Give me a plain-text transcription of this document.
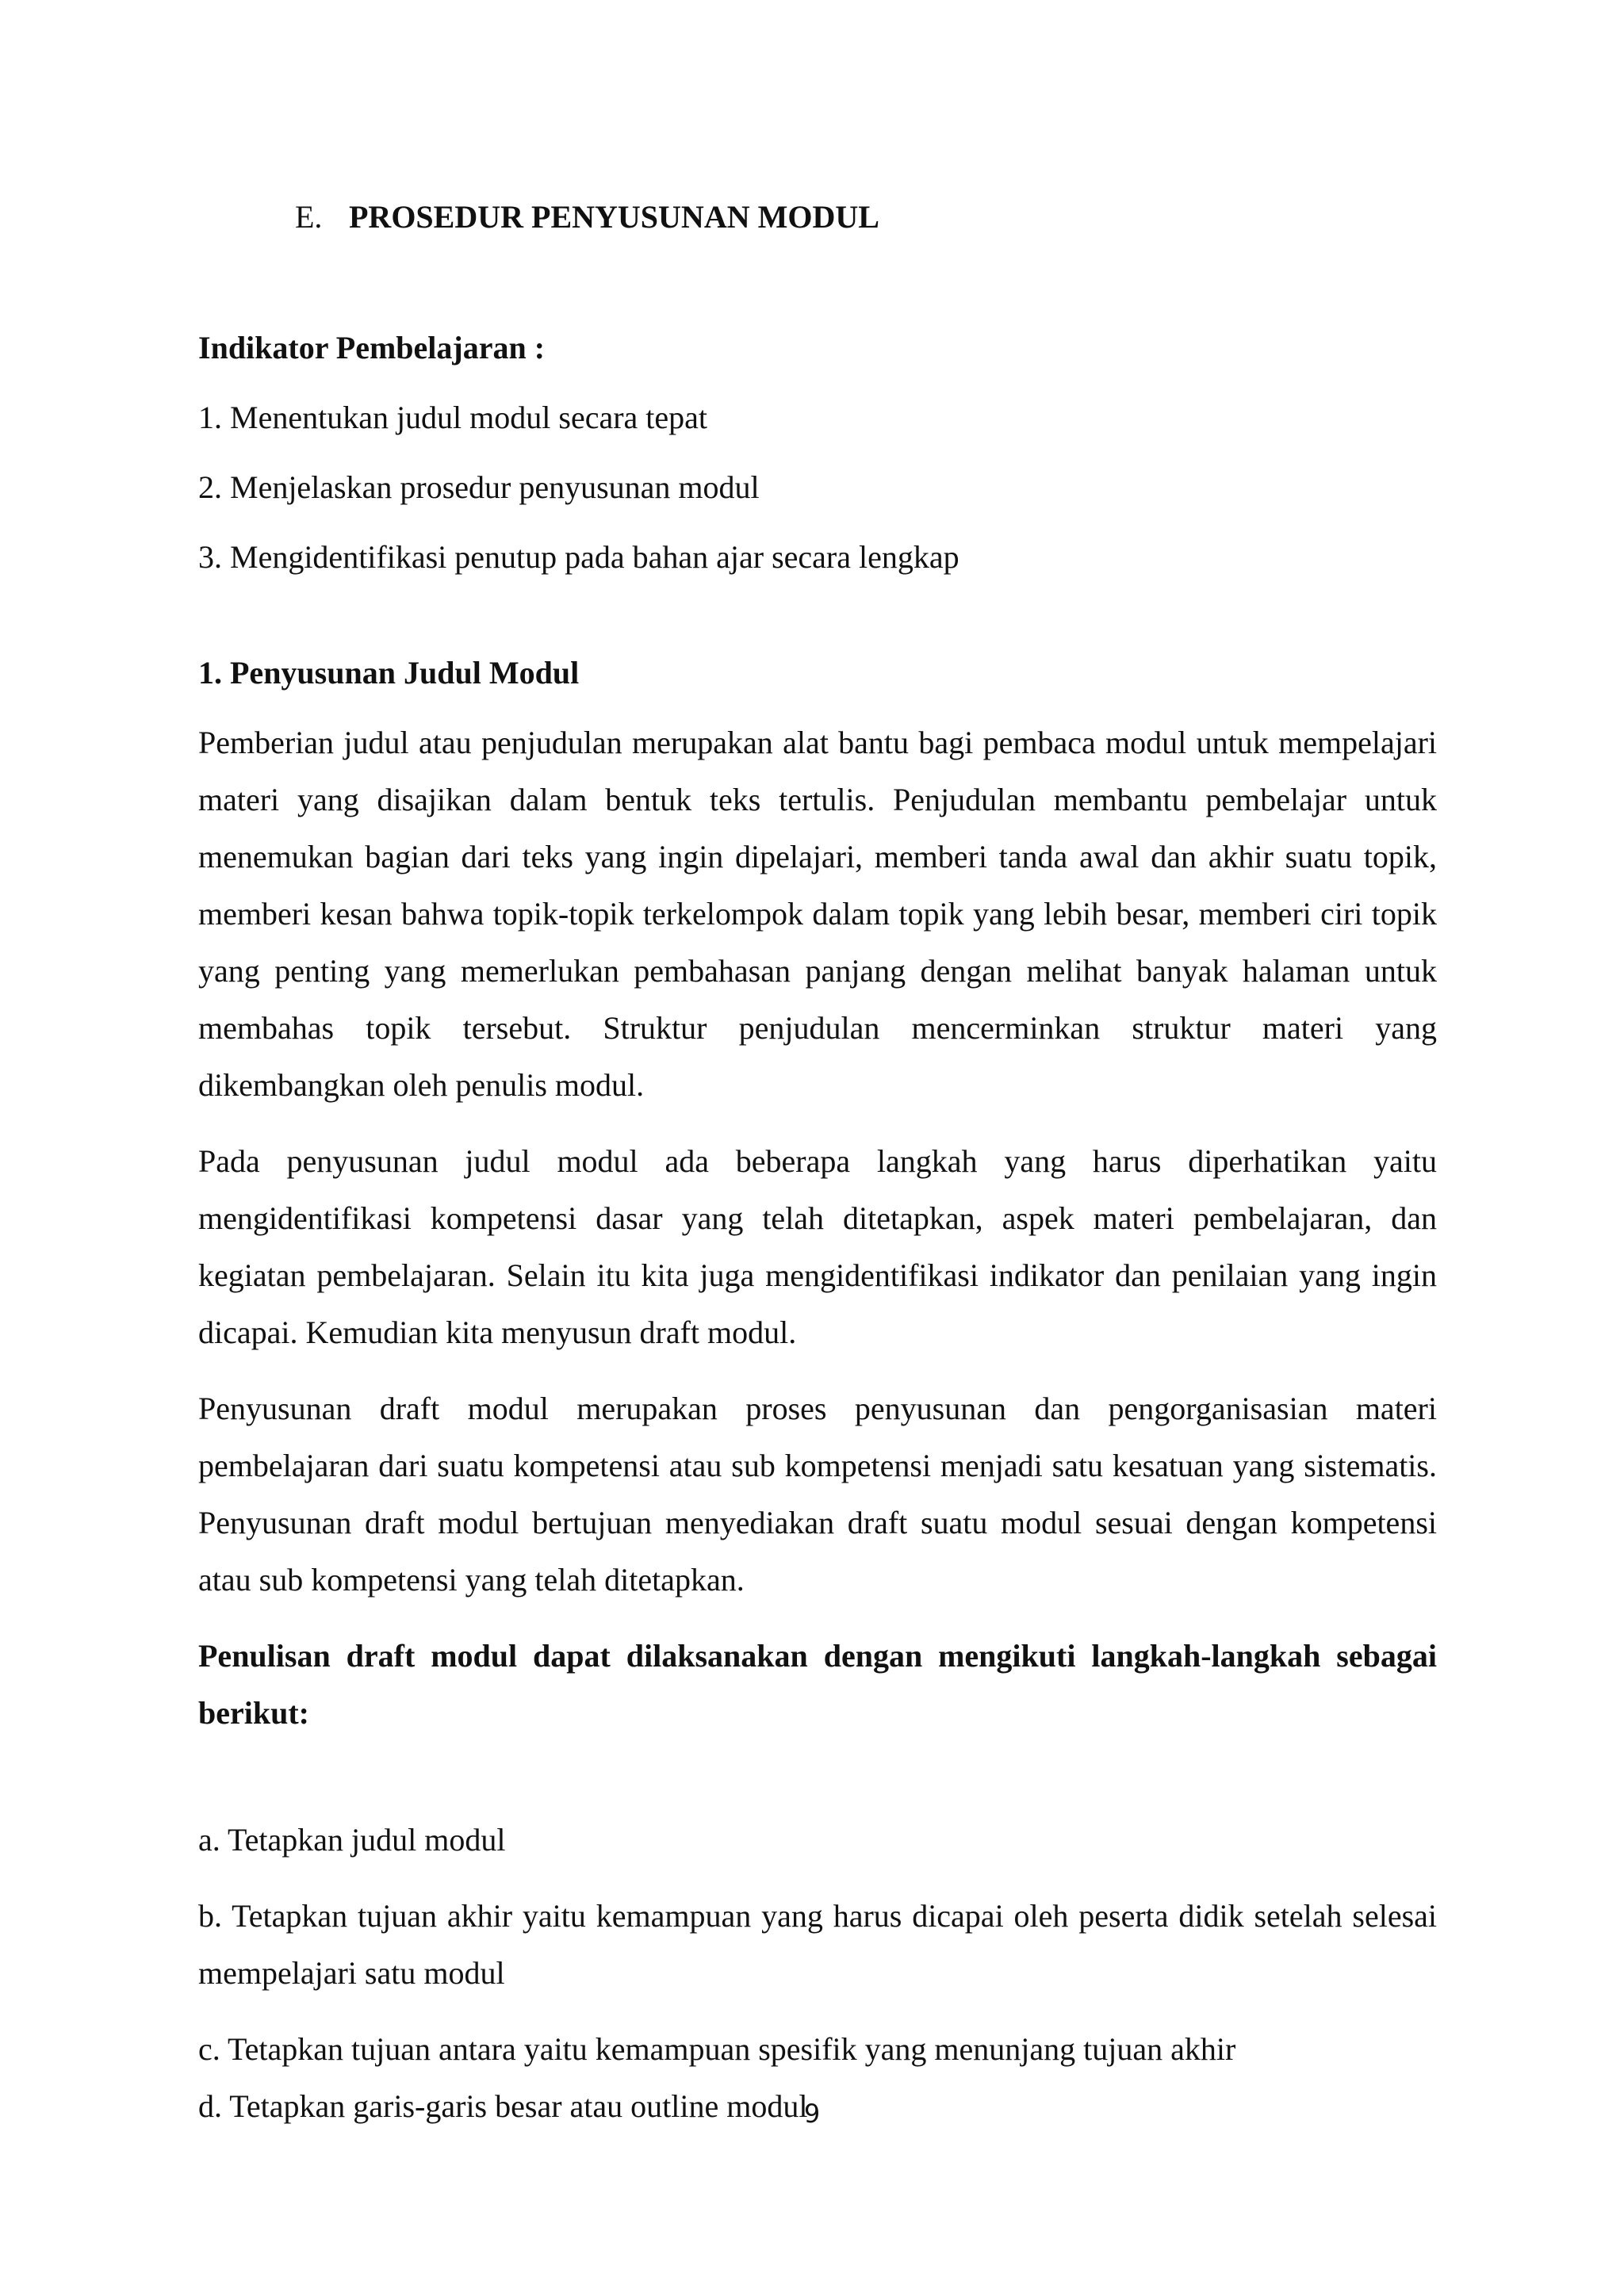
E. PROSEDUR PENYUSUNAN MODUL

Indikator Pembelajaran :

1. Menentukan judul modul secara tepat

2. Menjelaskan prosedur penyusunan modul

3. Mengidentifikasi penutup pada bahan ajar secara lengkap

1. Penyusunan Judul Modul

Pemberian judul atau penjudulan merupakan alat bantu bagi pembaca modul untuk mempelajari materi yang disajikan dalam bentuk teks tertulis. Penjudulan membantu pembelajar untuk menemukan bagian dari teks yang ingin dipelajari, memberi tanda awal dan akhir suatu topik, memberi kesan bahwa topik-topik terkelompok dalam topik yang lebih besar, memberi ciri topik yang penting yang memerlukan pembahasan panjang dengan melihat banyak halaman untuk membahas topik tersebut. Struktur penjudulan mencerminkan struktur materi yang dikembangkan oleh penulis modul.

Pada penyusunan judul modul ada beberapa langkah yang harus diperhatikan yaitu mengidentifikasi kompetensi dasar yang telah ditetapkan, aspek materi pembelajaran, dan kegiatan pembelajaran. Selain itu kita juga mengidentifikasi indikator dan penilaian yang ingin dicapai. Kemudian kita menyusun draft modul.

Penyusunan draft modul merupakan proses penyusunan dan pengorganisasian materi pembelajaran dari suatu kompetensi atau sub kompetensi menjadi satu kesatuan yang sistematis. Penyusunan draft modul bertujuan menyediakan draft suatu modul sesuai dengan kompetensi atau sub kompetensi yang telah ditetapkan.

Penulisan draft modul dapat dilaksanakan dengan mengikuti langkah-langkah sebagai berikut:

a. Tetapkan judul modul

b. Tetapkan tujuan akhir yaitu kemampuan yang harus dicapai oleh peserta didik setelah selesai mempelajari satu modul

c. Tetapkan tujuan antara yaitu kemampuan spesifik yang menunjang tujuan akhir

d. Tetapkan garis-garis besar atau outline modul

9
